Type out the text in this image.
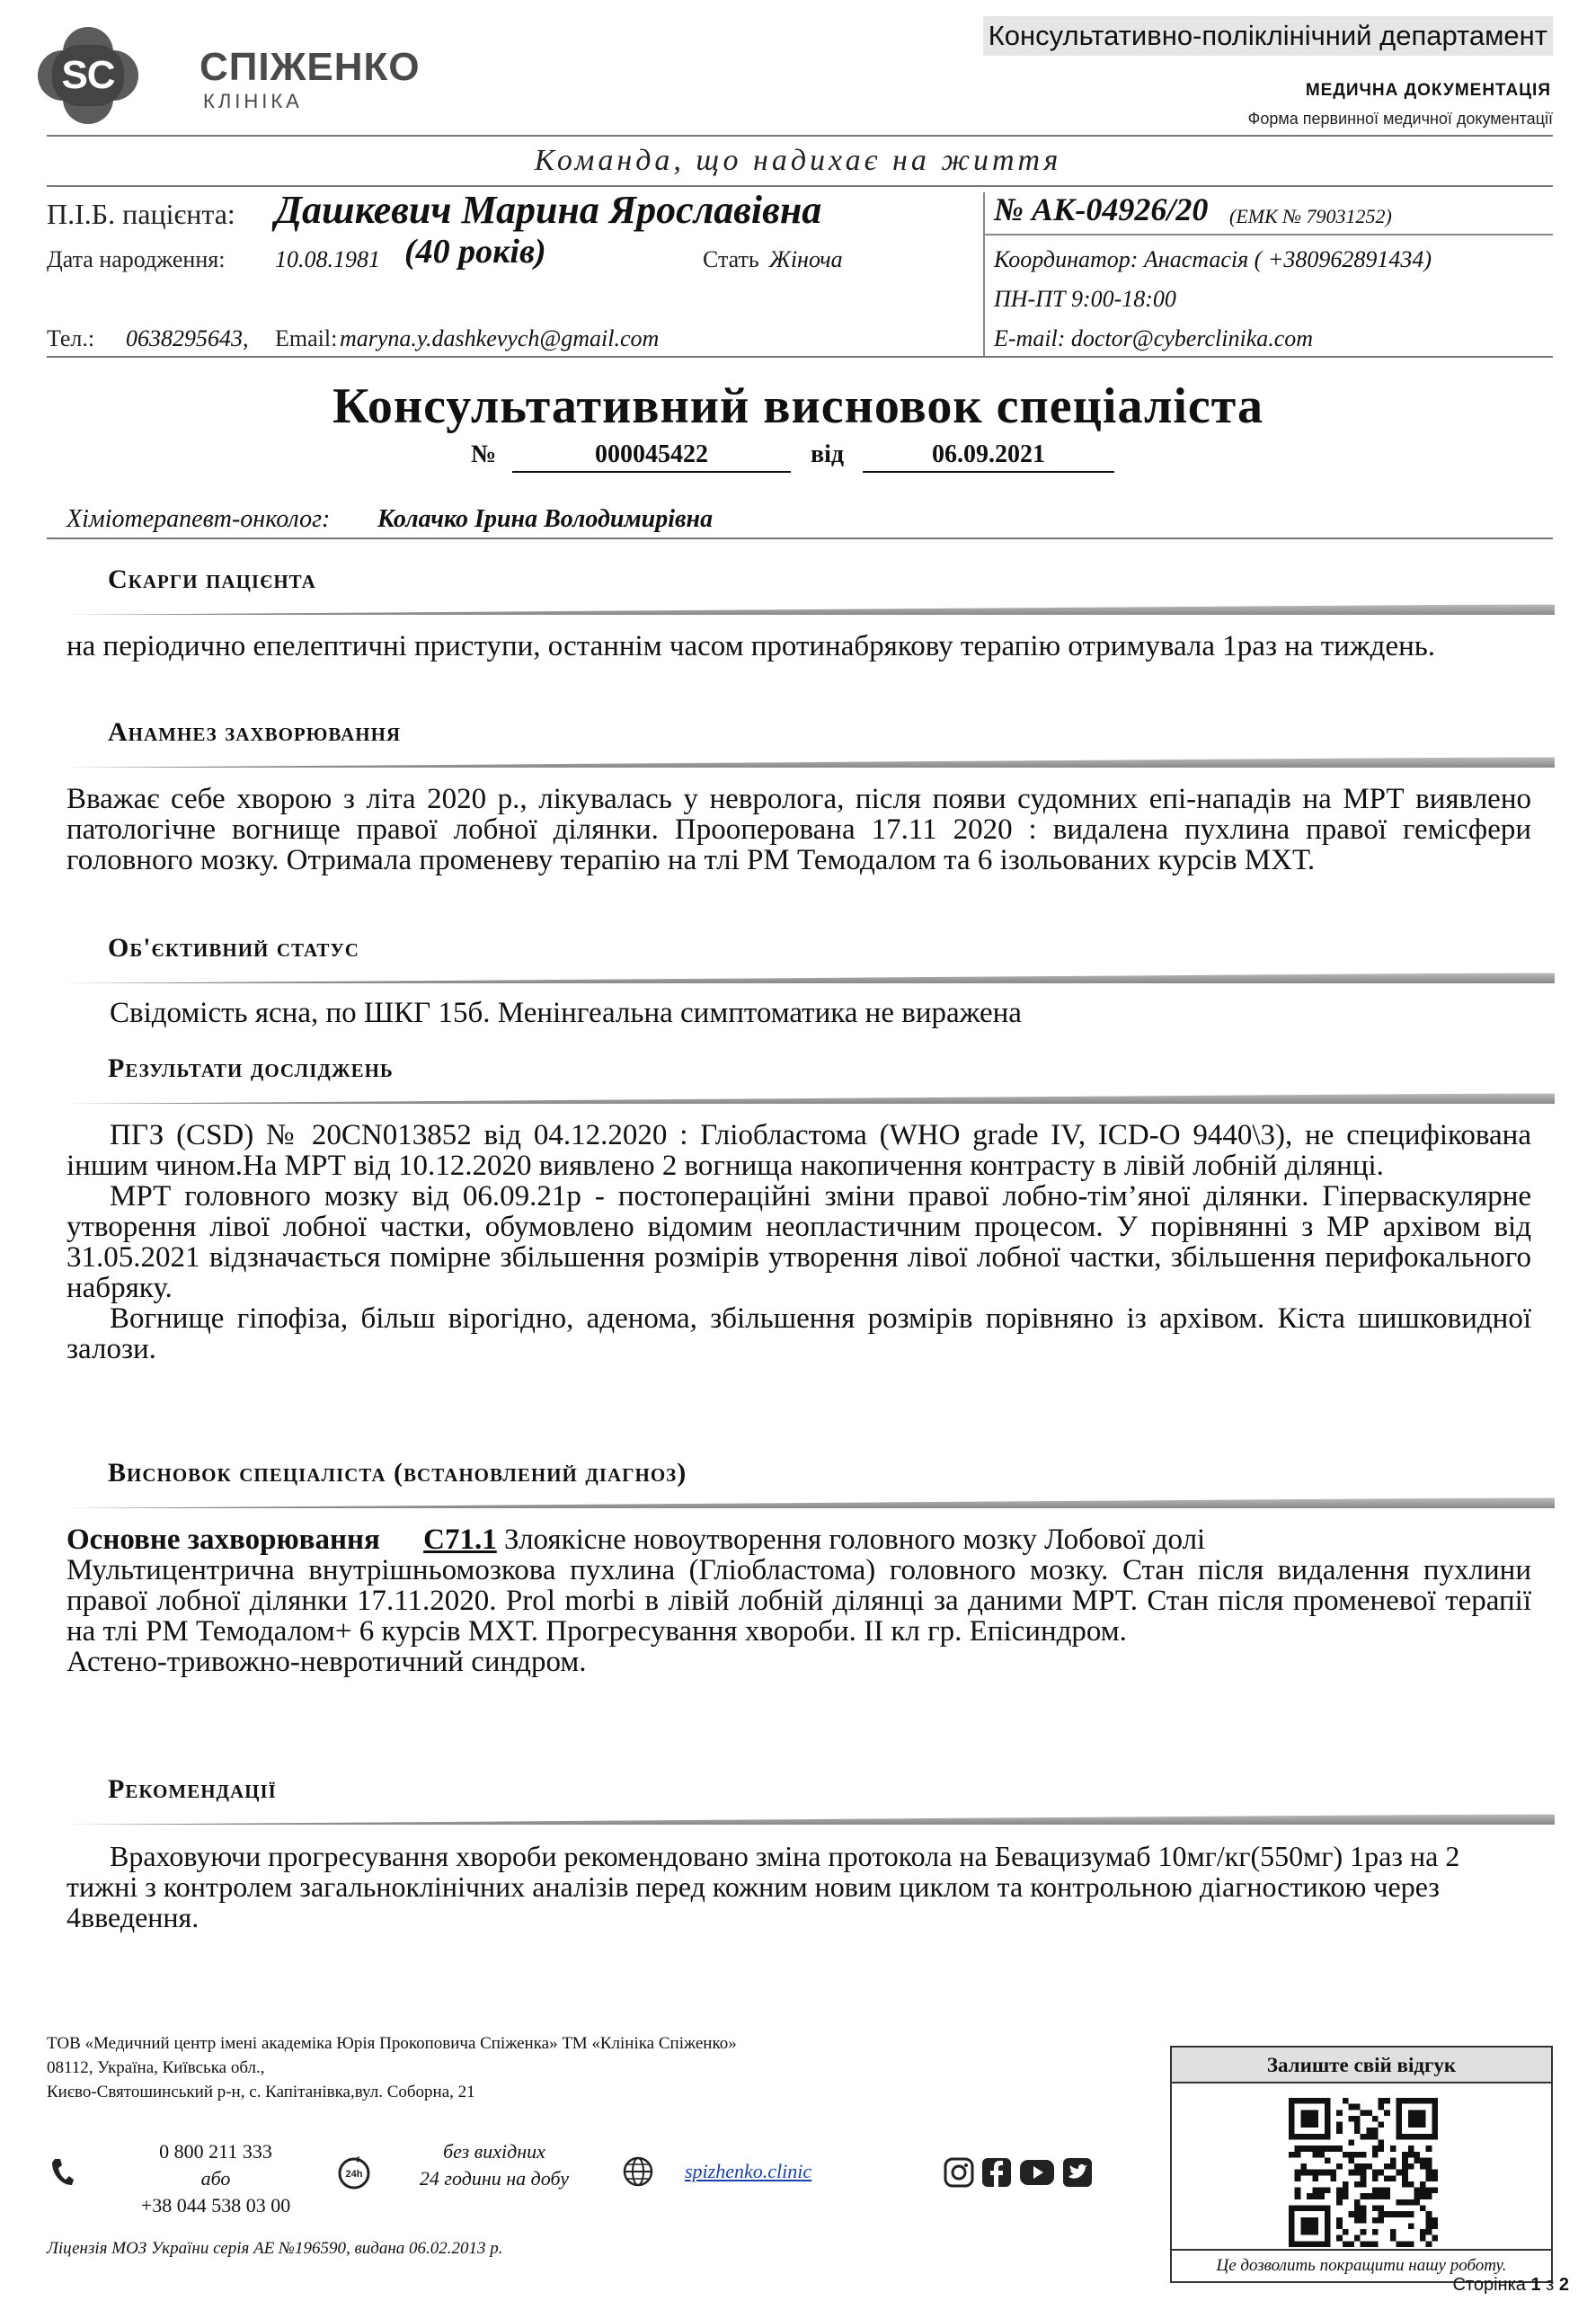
SC СПІЖЕНКО
КЛІНІКА
Консультативно-поліклінічний департамент
МЕДИЧНА ДОКУМЕНТАЦІЯ
Форма первинної медичної документації
Команда, що надихає на життя
П.І.Б. пацієнта: Дашкевич Марина Ярославівна	№ АК-04926/20 (ЕМК № 79031252)
Дата народження: 10.08.1981 (40 років)	Стать Жіноча	Координатор: Анастасія ( +380962891434)
ПН-ПТ 9:00-18:00
Тел.: 0638295643, Email: maryna.y.dashkevych@gmail.com	E-mail: doctor@cyberclinika.com
Консультативний висновок спеціаліста
№	000045422	від	06.09.2021
Хіміотерапевт-онколог: Колачко Ірина Володимирівна
Скарги пацієнта
на періодично епелептичні приступи, останнім часом протинабрякову терапію отримувала 1раз на тиждень.
Анамнез захворювання
Вважає себе хворою з літа 2020 р., лікувалась у невролога, після появи судомних епі-нападів на МРТ виявлено патологічне вогнище правої лобної ділянки. Прооперована 17.11 2020 : видалена пухлина правої гемісфери головного мозку. Отримала променеву терапію на тлі РМ Темодалом та 6 ізольованих курсів МХТ.
Об'єктивний статус
Свідомість ясна, по ШКГ 15б. Менінгеальна симптоматика не виражена
Результати досліджень

ПГЗ (CSD) № 20CN013852 від 04.12.2020 : Гліобластома (WHO grade IV, ICD-O 9440\3), не специфікована іншим чином.На МРТ від 10.12.2020 виявлено 2 вогнища накопичення контрасту в лівій лобній ділянці.

МРТ головного мозку від 06.09.21р - постопераційні зміни правої лобно-тім’яної ділянки. Гіперваскулярне утворення лівої лобної частки, обумовлено відомим неопластичним процесом. У порівнянні з МР архівом від 31.05.2021 відзначається помірне збільшення розмірів утворення лівої лобної частки, збільшення перифокального набряку.

Вогнище гіпофіза, більш вірогідно, аденома, збільшення розмірів порівняно із архівом. Кіста шишковидної залози.

Висновок спеціаліста (встановлений діагноз)

Основне захворювання C71.1 Злоякісне новоутворення головного мозку Лобової долі

Мультицентрична внутрішньомозкова пухлина (Гліобластома) головного мозку. Стан після видалення пухлини правої лобної ділянки 17.11.2020. Prol morbi в лівій лобній ділянці за даними МРТ. Стан після променевої терапії на тлі РМ Темодалом+ 6 курсів МХТ. Прогресування хвороби. ІІ кл гр. Епісиндром.

Астено-тривожно-невротичний синдром.

Рекомендації
Враховуючи прогресування хвороби рекомендовано зміна протокола на Бевацизумаб 10мг/кг(550мг) 1раз на 2 тижні з контролем загальноклінічних аналізів перед кожним новим циклом та контрольною діагностикою через 4введення.
ТОВ «Медичний центр імені академіка Юрія Прокоповича Спіженка» ТМ «Клініка Спіженко»
08112, Україна, Київська обл.,
Києво-Святошинський р-н, с. Капітанівка,вул. Соборна, 21
0 800 211 333
або
+38 044 538 03 00
24h
без вихідних
24 години на добу	spizhenko.clinic
Ліцензія МОЗ України серія АЕ №196590, видана 06.02.2013 р.
Залиште свій відгук
Це дозволить покращити нашу роботу.
Сторінка 1 з 2
